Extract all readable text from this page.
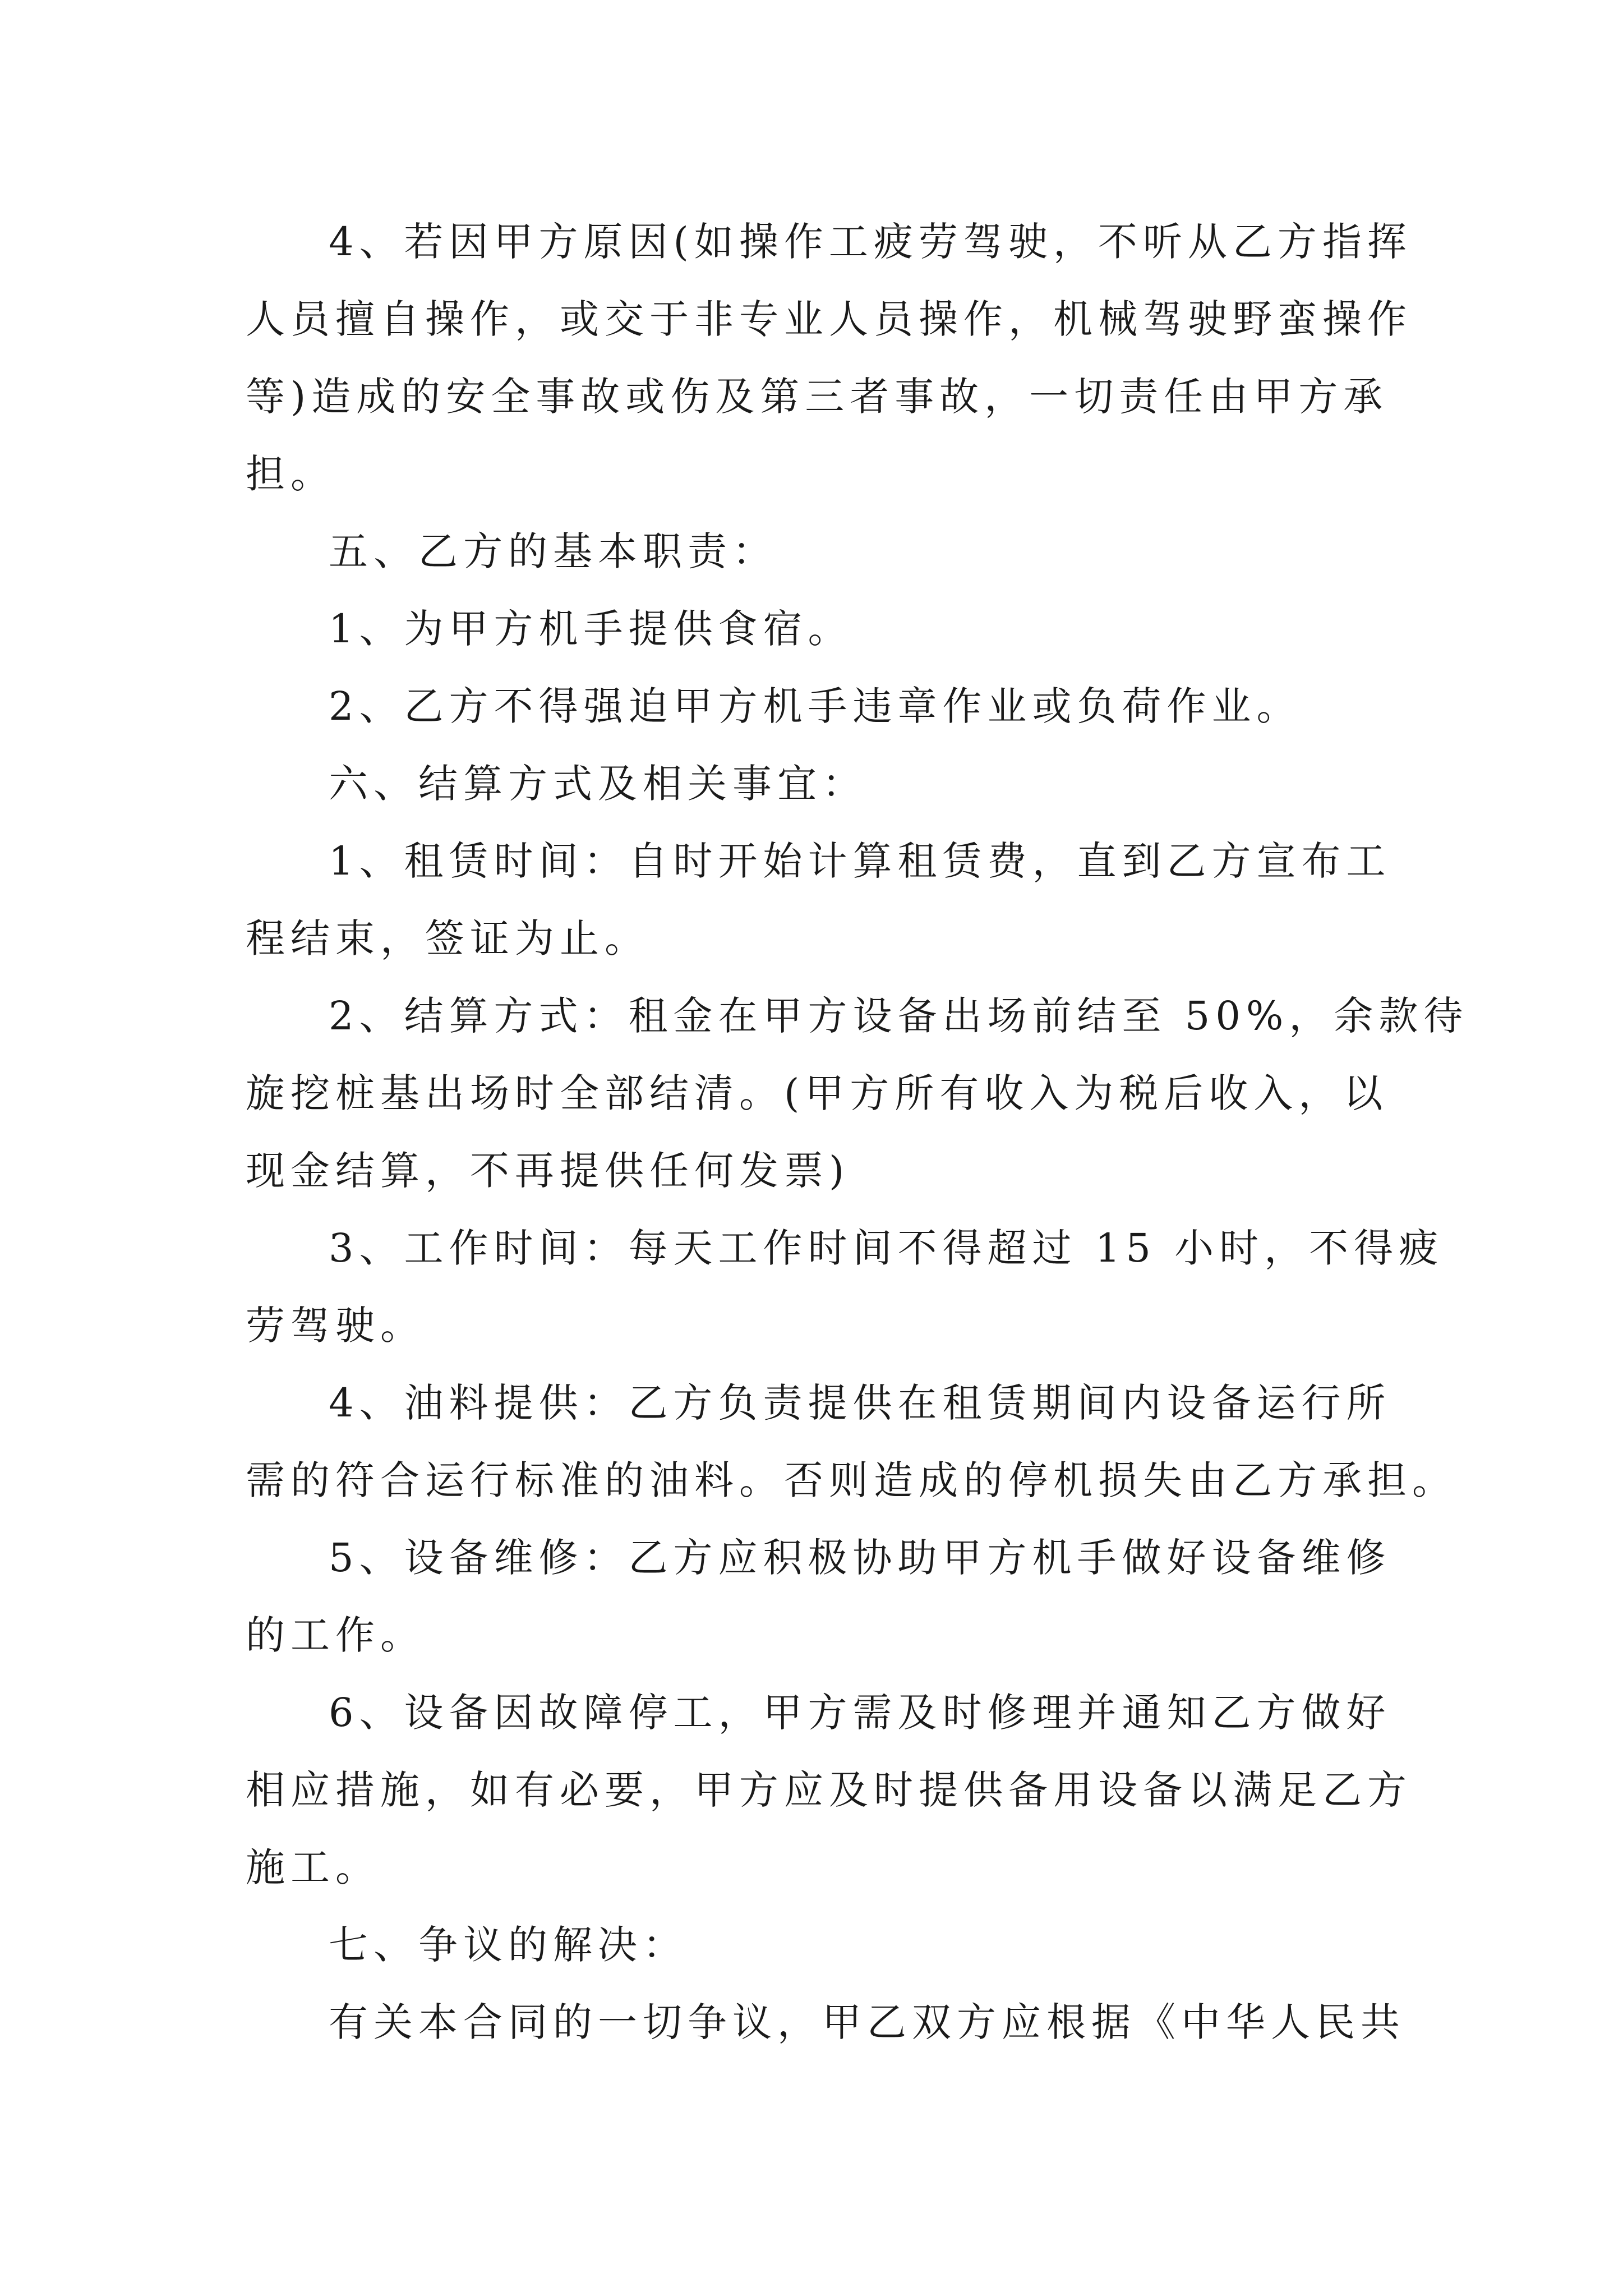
4、若因甲方原因(如操作工疲劳驾驶，不听从乙方指挥
人员擅自操作，或交于非专业人员操作，机械驾驶野蛮操作
等)造成的安全事故或伤及第三者事故，一切责任由甲方承
担。
五、乙方的基本职责：
1、为甲方机手提供食宿。
2、乙方不得强迫甲方机手违章作业或负荷作业。
六、结算方式及相关事宜：
1、租赁时间：自时开始计算租赁费，直到乙方宣布工
程结束，签证为止。
2、结算方式：租金在甲方设备出场前结至 50%，余款待
旋挖桩基出场时全部结清。(甲方所有收入为税后收入，以
现金结算，不再提供任何发票)
3、工作时间：每天工作时间不得超过 15 小时，不得疲
劳驾驶。
4、油料提供：乙方负责提供在租赁期间内设备运行所
需的符合运行标准的油料。否则造成的停机损失由乙方承担。
5、设备维修：乙方应积极协助甲方机手做好设备维修
的工作。
6、设备因故障停工，甲方需及时修理并通知乙方做好
相应措施，如有必要，甲方应及时提供备用设备以满足乙方
施工。
七、争议的解决：
有关本合同的一切争议，甲乙双方应根据《中华人民共
